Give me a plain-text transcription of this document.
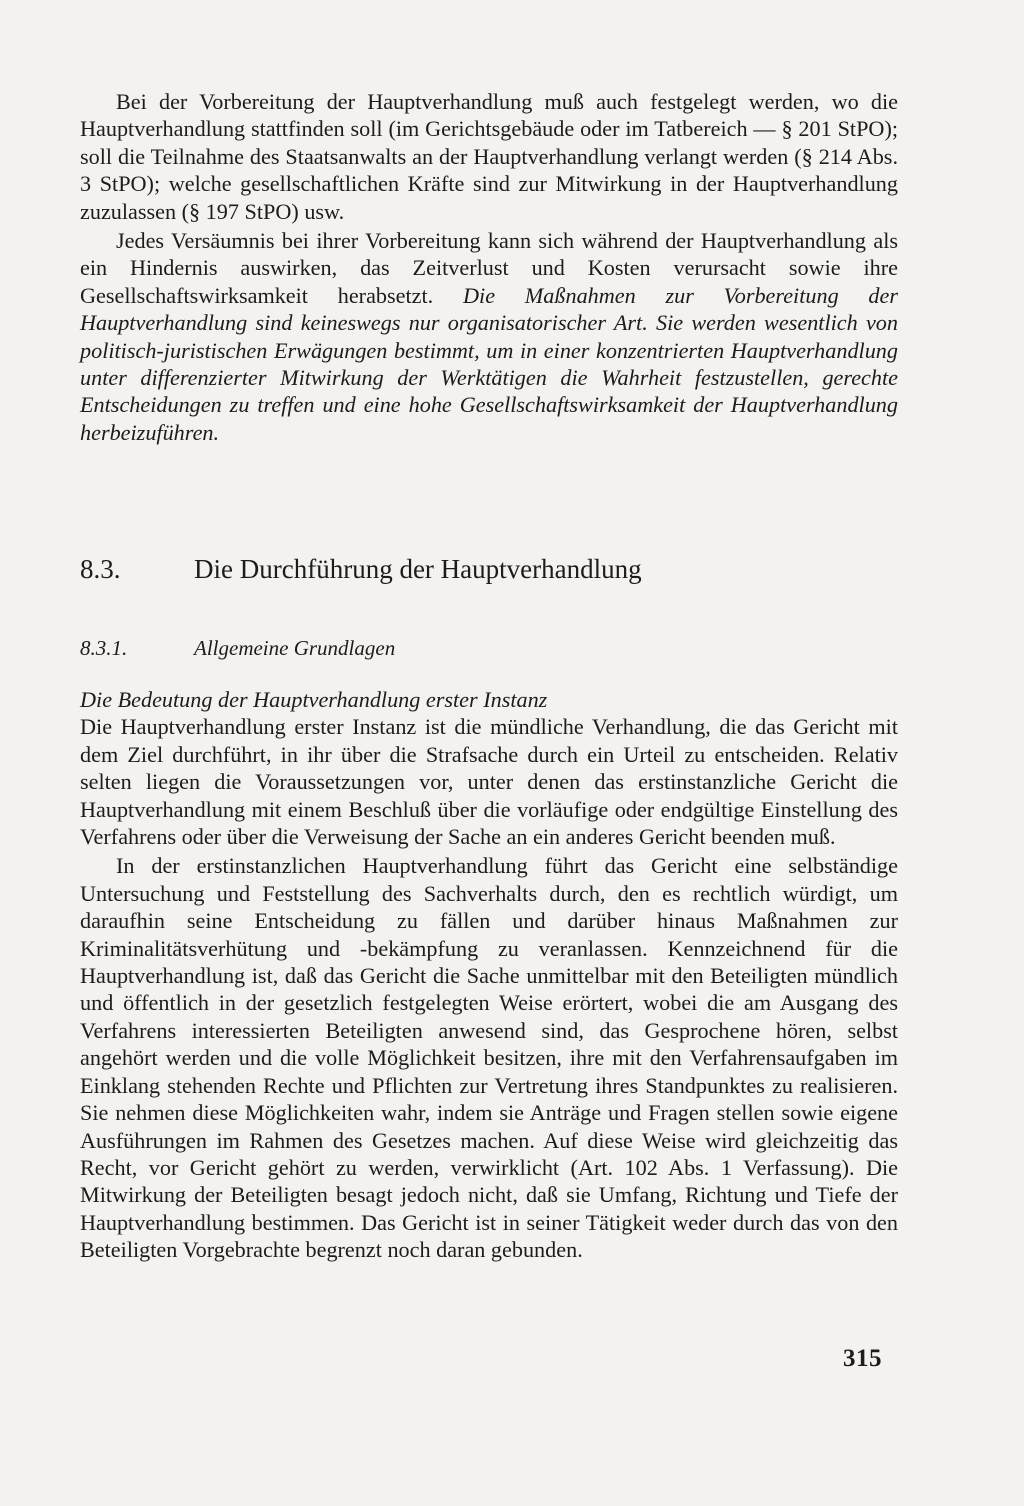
Bei der Vorbereitung der Hauptverhandlung muß auch festgelegt werden, wo die Hauptverhandlung stattfinden soll (im Gerichtsgebäude oder im Tatbereich — § 201 StPO); soll die Teilnahme des Staatsanwalts an der Hauptverhandlung verlangt werden (§ 214 Abs. 3 StPO); welche gesellschaftlichen Kräfte sind zur Mitwirkung in der Hauptverhandlung zuzulassen (§ 197 StPO) usw.

Jedes Versäumnis bei ihrer Vorbereitung kann sich während der Hauptverhandlung als ein Hindernis auswirken, das Zeitverlust und Kosten verursacht sowie ihre Gesellschaftswirksamkeit herabsetzt. Die Maßnahmen zur Vorbereitung der Hauptverhandlung sind keineswegs nur organisatorischer Art. Sie werden wesentlich von politisch-juristischen Erwägungen bestimmt, um in einer konzentrierten Hauptverhandlung unter differenzierter Mitwirkung der Werktätigen die Wahrheit festzustellen, gerechte Entscheidungen zu treffen und eine hohe Gesellschaftswirksamkeit der Hauptverhandlung herbeizuführen.

8.3.	Die Durchführung der Hauptverhandlung
8.3.1.	Allgemeine Grundlagen

Die Bedeutung der Hauptverhandlung erster Instanz

Die Hauptverhandlung erster Instanz ist die mündliche Verhandlung, die das Gericht mit dem Ziel durchführt, in ihr über die Strafsache durch ein Urteil zu entscheiden. Relativ selten liegen die Voraussetzungen vor, unter denen das erstinstanzliche Gericht die Hauptverhandlung mit einem Beschluß über die vorläufige oder endgültige Einstellung des Verfahrens oder über die Verweisung der Sache an ein anderes Gericht beenden muß.

In der erstinstanzlichen Hauptverhandlung führt das Gericht eine selbständige Untersuchung und Feststellung des Sachverhalts durch, den es rechtlich würdigt, um daraufhin seine Entscheidung zu fällen und darüber hinaus Maßnahmen zur Kriminalitätsverhütung und -bekämpfung zu veranlassen. Kennzeichnend für die Hauptverhandlung ist, daß das Gericht die Sache unmittelbar mit den Beteiligten mündlich und öffentlich in der gesetzlich festgelegten Weise erörtert, wobei die am Ausgang des Verfahrens interessierten Beteiligten anwesend sind, das Gesprochene hören, selbst angehört werden und die volle Möglichkeit besitzen, ihre mit den Verfahrensaufgaben im Einklang stehenden Rechte und Pflichten zur Vertretung ihres Standpunktes zu realisieren. Sie nehmen diese Möglichkeiten wahr, indem sie Anträge und Fragen stellen sowie eigene Ausführungen im Rahmen des Gesetzes machen. Auf diese Weise wird gleichzeitig das Recht, vor Gericht gehört zu werden, verwirklicht (Art. 102 Abs. 1 Verfassung). Die Mitwirkung der Beteiligten besagt jedoch nicht, daß sie Umfang, Richtung und Tiefe der Hauptverhandlung bestimmen. Das Gericht ist in seiner Tätigkeit weder durch das von den Beteiligten Vorgebrachte begrenzt noch daran gebunden.

315
